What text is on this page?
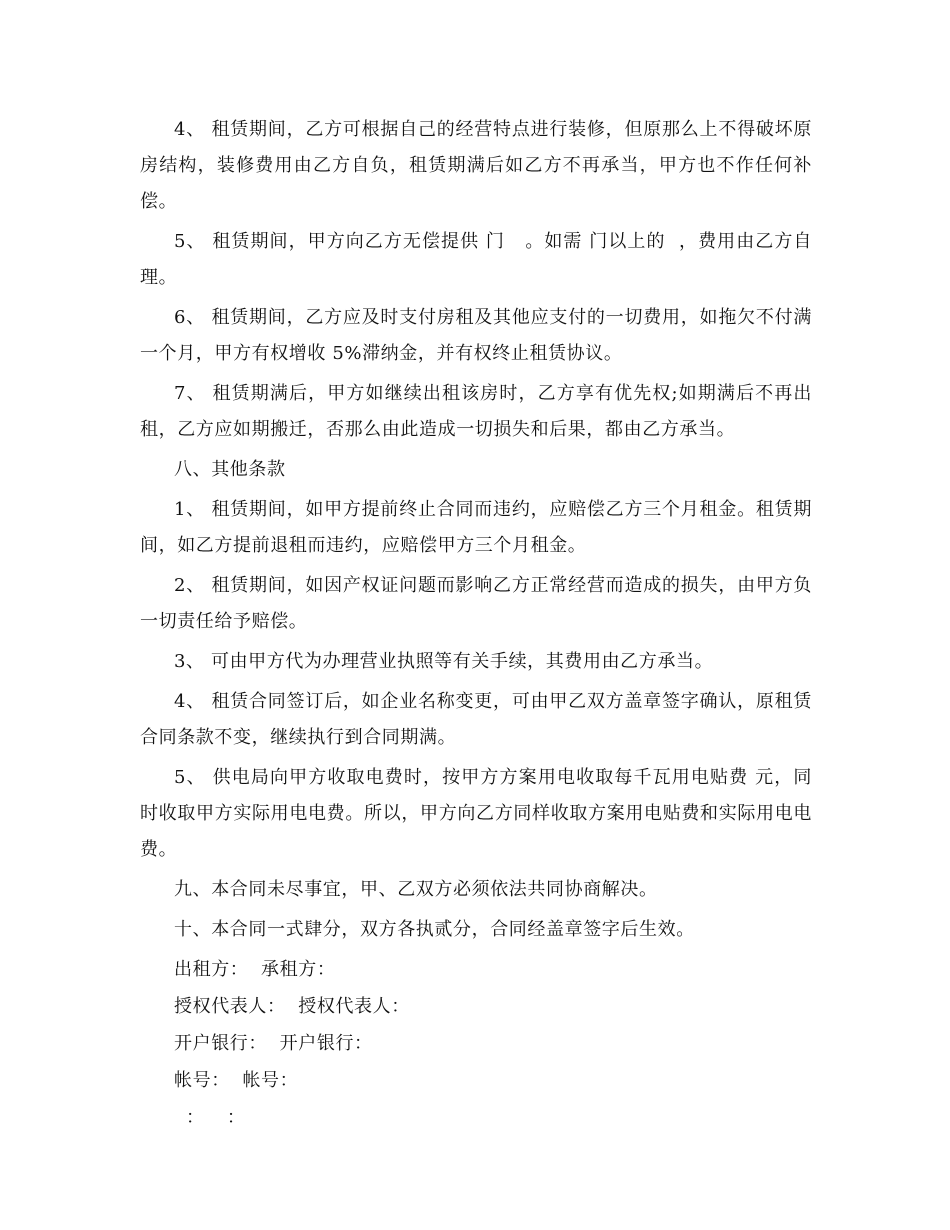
4、 租赁期间，乙方可根据自己的经营特点进行装修，但原那么上不得破坏原房结构，装修费用由乙方自负，租赁期满后如乙方不再承当，甲方也不作任何补偿。

5、 租赁期间，甲方向乙方无偿提供 门   。如需 门以上的  ，费用由乙方自理。

6、 租赁期间，乙方应及时支付房租及其他应支付的一切费用，如拖欠不付满一个月，甲方有权增收 5%滞纳金，并有权终止租赁协议。

7、 租赁期满后，甲方如继续出租该房时，乙方享有优先权;如期满后不再出租，乙方应如期搬迁，否那么由此造成一切损失和后果，都由乙方承当。

八、其他条款

1、 租赁期间，如甲方提前终止合同而违约，应赔偿乙方三个月租金。租赁期间，如乙方提前退租而违约，应赔偿甲方三个月租金。

2、 租赁期间，如因产权证问题而影响乙方正常经营而造成的损失，由甲方负一切责任给予赔偿。

3、 可由甲方代为办理营业执照等有关手续，其费用由乙方承当。

4、 租赁合同签订后，如企业名称变更，可由甲乙双方盖章签字确认，原租赁合同条款不变，继续执行到合同期满。

5、 供电局向甲方收取电费时，按甲方方案用电收取每千瓦用电贴费 元，同时收取甲方实际用电电费。所以，甲方向乙方同样收取方案用电贴费和实际用电电费。

九、本合同未尽事宜，甲、乙双方必须依法共同协商解决。

十、本合同一式肆分，双方各执贰分，合同经盖章签字后生效。

出租方：  承租方：

授权代表人：  授权代表人：

开户银行：  开户银行：

帐号：  帐号：

：    ：
